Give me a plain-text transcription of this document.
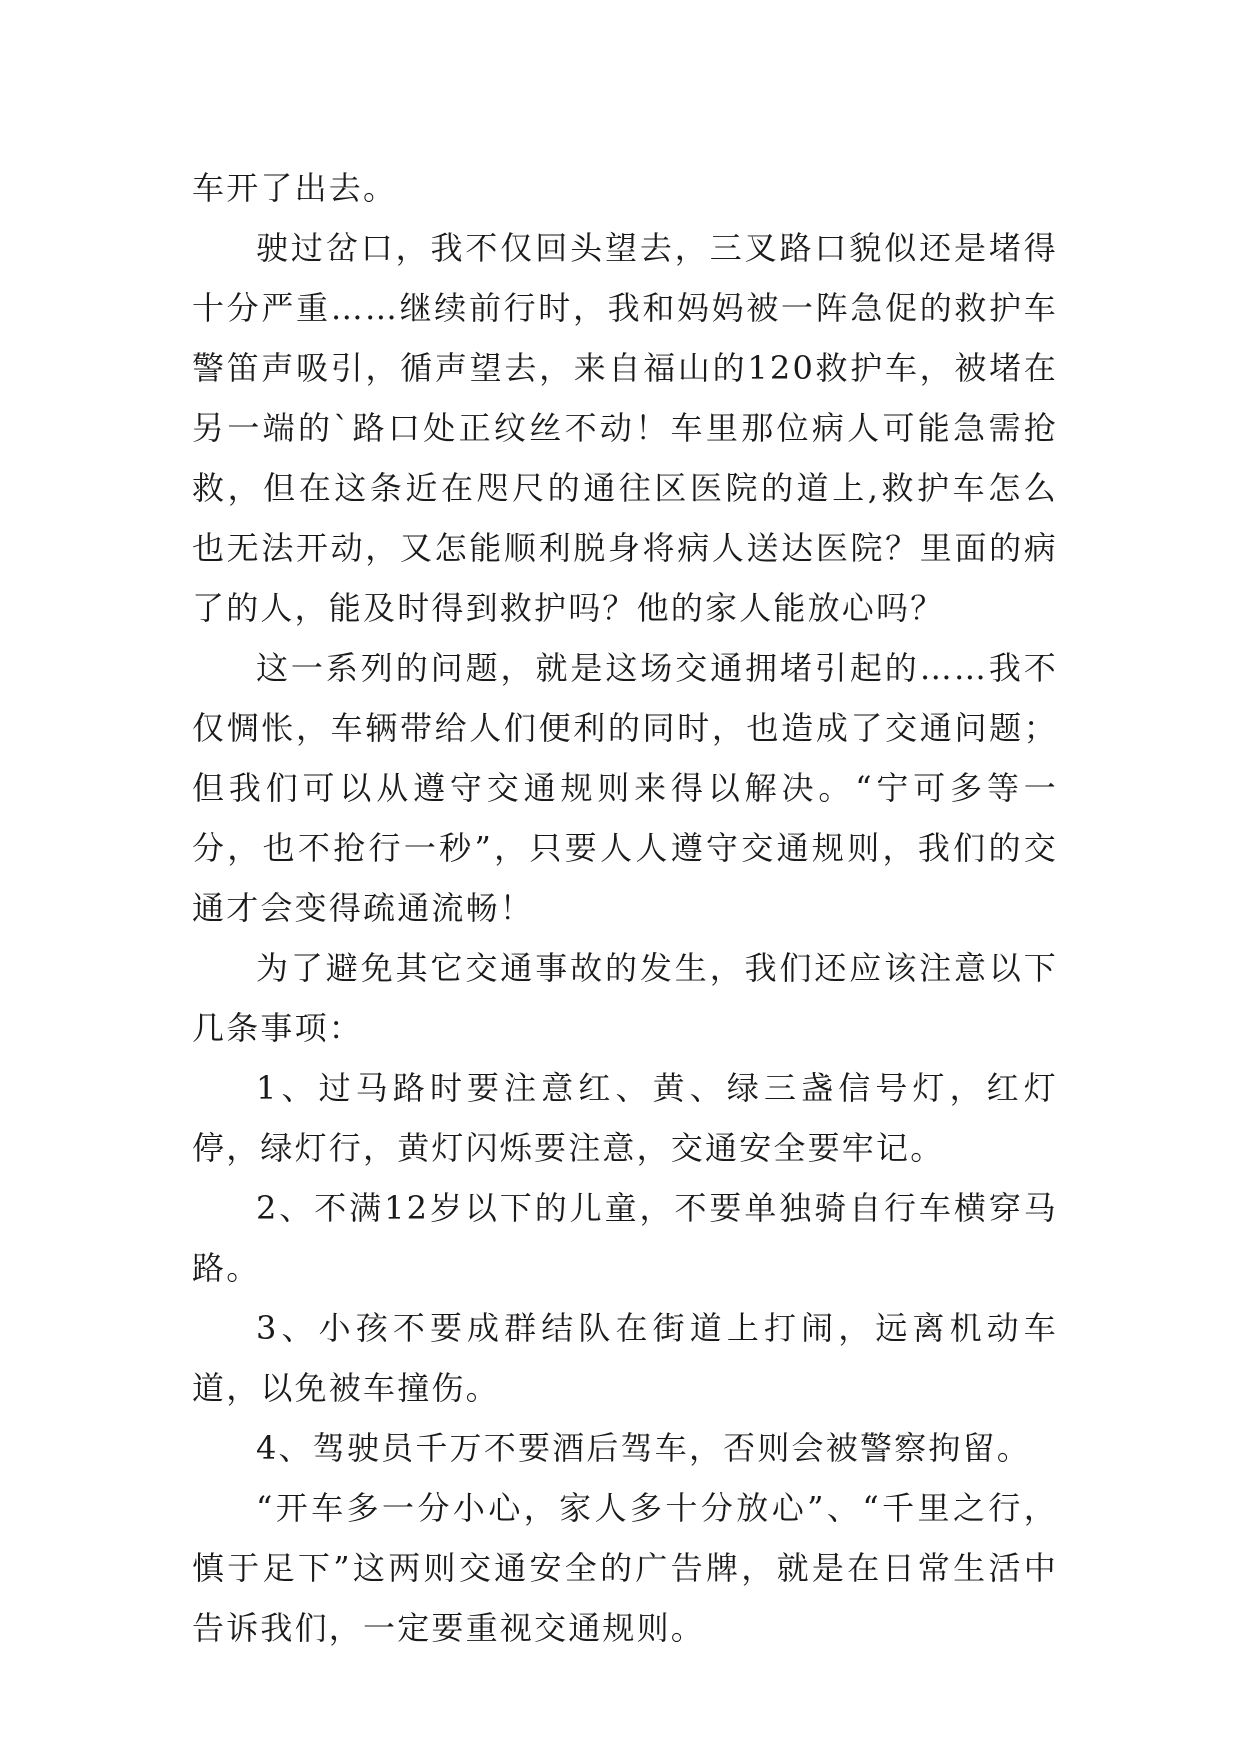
车开了出去。

驶过岔口，我不仅回头望去，三叉路口貌似还是堵得十分严重……继续前行时，我和妈妈被一阵急促的救护车警笛声吸引，循声望去，来自福山的120救护车，被堵在另一端的`路口处正纹丝不动！车里那位病人可能急需抢救，但在这条近在咫尺的通往区医院的道上,救护车怎么也无法开动，又怎能顺利脱身将病人送达医院？里面的病了的人，能及时得到救护吗？他的家人能放心吗？

这一系列的问题，就是这场交通拥堵引起的……我不仅惆怅，车辆带给人们便利的同时，也造成了交通问题；但我们可以从遵守交通规则来得以解决。“宁可多等一分，也不抢行一秒”，只要人人遵守交通规则，我们的交通才会变得疏通流畅！

为了避免其它交通事故的发生，我们还应该注意以下几条事项：

1、过马路时要注意红、黄、绿三盏信号灯，红灯停，绿灯行，黄灯闪烁要注意，交通安全要牢记。

2、不满12岁以下的儿童，不要单独骑自行车横穿马路。

3、小孩不要成群结队在街道上打闹，远离机动车道，以免被车撞伤。

4、驾驶员千万不要酒后驾车，否则会被警察拘留。

“开车多一分小心，家人多十分放心”、“千里之行，慎于足下”这两则交通安全的广告牌，就是在日常生活中告诉我们，一定要重视交通规则。
